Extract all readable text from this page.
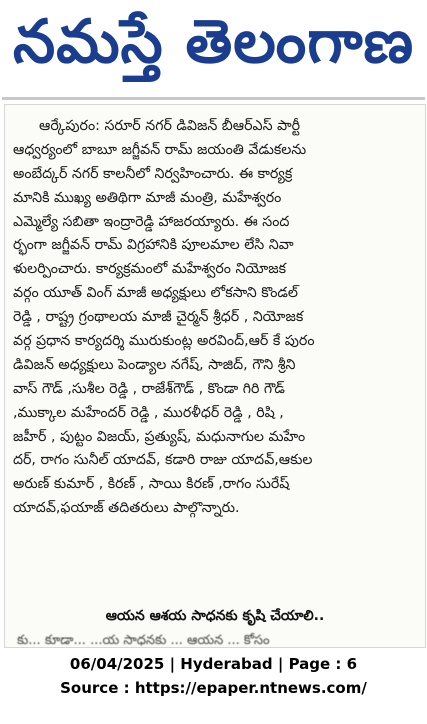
నమస్తే తెలంగాణ
ఆర్కేపురం: సరూర్ నగర్ డివిజన్ బీఆర్ఎస్ పార్టీ
ఆధ్వర్యంలో బాబూ జగ్జీవన్ రామ్ జయంతి వేడుకలను
అంబేద్కర్ నగర్ కాలనీలో నిర్వహించారు. ఈ కార్యక్ర
మానికి ముఖ్య అతిథిగా మాజీ మంత్రి, మహేశ్వరం
ఎమ్మెల్యే సబితా ఇంద్రారెడ్డి హాజరయ్యారు. ఈ సంద
ర్భంగా జగ్జీవన్ రామ్ విగ్రహానికి పూలమాల లేసి నివా
ళులర్పించారు. కార్యక్రమంలో మహేశ్వరం నియోజక
వర్గం యూత్ వింగ్ మాజీ అధ్యక్షులు లోకసాని కొండల్
రెడ్డి , రాష్ట్ర గ్రంథాలయ మాజీ చైర్మన్ శ్రీధర్ , నియోజక
వర్గ ప్రధాన కార్యదర్శి మురుకుంట్ల అరవింద్,ఆర్ కే పురం
డివిజన్ అధ్యక్షులు పెండ్యాల నగేష్, సాజిద్, గౌని శ్రీని
వాస్ గౌడ్ ,సుశీల రెడ్డి , రాజేశ్‌గౌడ్ , కొండా గిరి గౌడ్
,ముక్కాల మహేందర్ రెడ్డి , మురళీధర్ రెడ్డి , రిషి ,
జహీర్ , పుట్టం విజయ్, ప్రత్యుష్, మధునాగుల మహేం
దర్, రాగం సునీల్ యాదవ్, కడారి రాజు యాదవ్,ఆకుల
అరుణ్ కుమార్ , కిరణ్ , సాయి కిరణ్ ,రాగం సురేష్
యాదవ్,ఫయాజ్ తదితరులు పాల్గొన్నారు.
ఆయన ఆశయ సాధనకు కృషి చేయాలి..
కు... కూడా... ...య సాధనకు ... ఆయన ... కోసం
06/04/2025 | Hyderabad | Page : 6
Source : https://epaper.ntnews.com/
